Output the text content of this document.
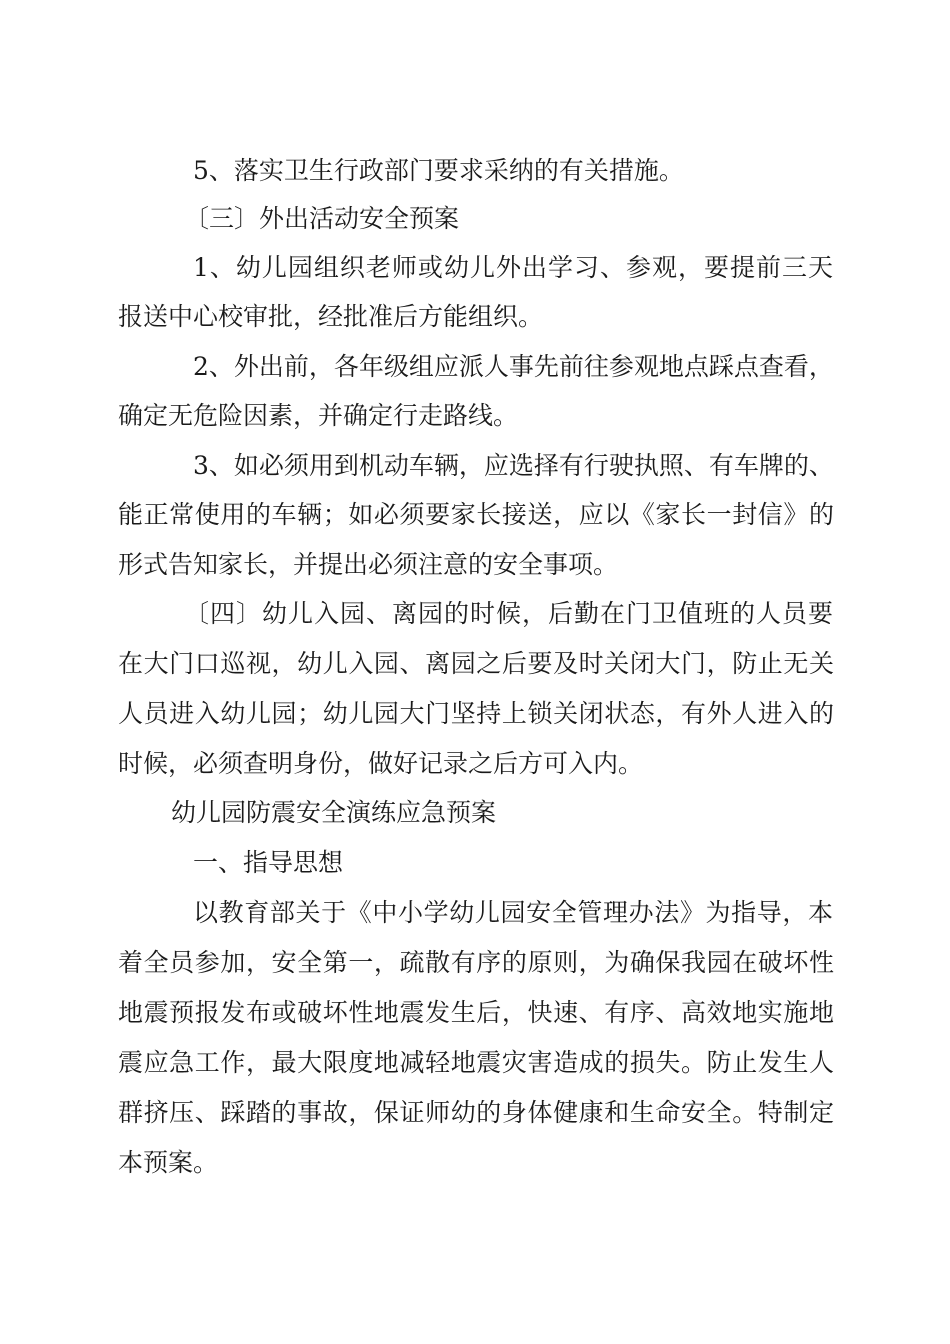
5、落实卫生行政部门要求采纳的有关措施。
〔三〕外出活动安全预案
1、幼儿园组织老师或幼儿外出学习、参观，要提前三天
报送中心校审批，经批准后方能组织。
2、外出前，各年级组应派人事先前往参观地点踩点查看，
确定无危险因素，并确定行走路线。
3、如必须用到机动车辆，应选择有行驶执照、有车牌的、
能正常使用的车辆；如必须要家长接送，应以《家长一封信》的
形式告知家长，并提出必须注意的安全事项。
〔四〕幼儿入园、离园的时候，后勤在门卫值班的人员要
在大门口巡视，幼儿入园、离园之后要及时关闭大门，防止无关
人员进入幼儿园；幼儿园大门坚持上锁关闭状态，有外人进入的
时候，必须查明身份，做好记录之后方可入内。
幼儿园防震安全演练应急预案
一、指导思想
以教育部关于《中小学幼儿园安全管理办法》为指导，本
着全员参加，安全第一，疏散有序的原则，为确保我园在破坏性
地震预报发布或破坏性地震发生后，快速、有序、高效地实施地
震应急工作，最大限度地减轻地震灾害造成的损失。防止发生人
群挤压、踩踏的事故，保证师幼的身体健康和生命安全。特制定
本预案。
